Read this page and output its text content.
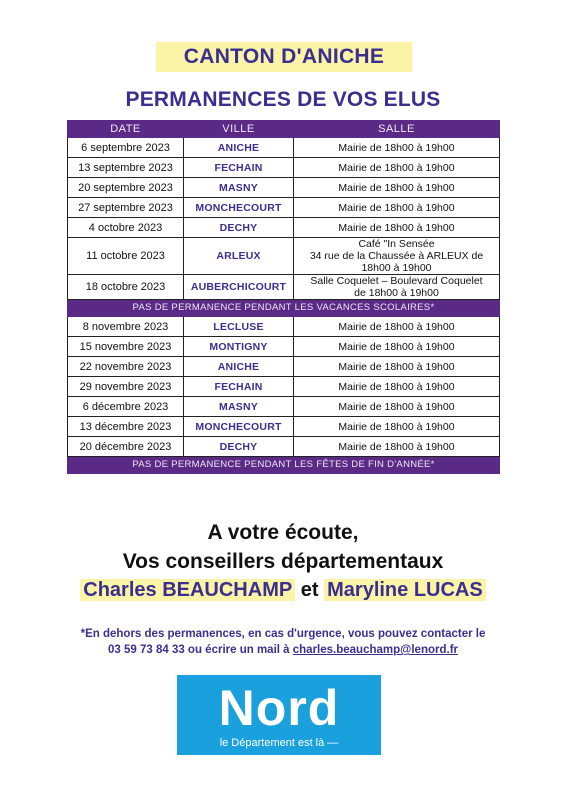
CANTON D'ANICHE
PERMANENCES DE VOS ELUS
DATE	VILLE	SALLE
6 septembre 2023	ANICHE	Mairie de 18h00 à 19h00
13 septembre 2023	FECHAIN	Mairie de 18h00 à 19h00
20 septembre 2023	MASNY	Mairie de 18h00 à 19h00
27 septembre 2023	MONCHECOURT	Mairie de 18h00 à 19h00
4 octobre 2023	DECHY	Mairie de 18h00 à 19h00
11 octobre 2023	ARLEUX	Café "In Sensée
34 rue de la Chaussée à ARLEUX de
18h00 à 19h00

18 octobre 2023	AUBERCHICOURT	Salle Coquelet – Boulevard Coquelet
de 18h00 à 19h00

PAS DE PERMANENCE PENDANT LES VACANCES SCOLAIRES*		
8 novembre 2023	LECLUSE	Mairie de 18h00 à 19h00
15 novembre 2023	MONTIGNY	Mairie de 18h00 à 19h00
22 novembre 2023	ANICHE	Mairie de 18h00 à 19h00
29 novembre 2023	FECHAIN	Mairie de 18h00 à 19h00
6 décembre 2023	MASNY	Mairie de 18h00 à 19h00
13 décembre 2023	MONCHECOURT	Mairie de 18h00 à 19h00
20 décembre 2023	DECHY	Mairie de 18h00 à 19h00
PAS DE PERMANENCE PENDANT LES FÊTES DE FIN D'ANNÉE*		
A votre écoute,
Vos conseillers départementaux
Charles BEAUCHAMP et Maryline LUCAS
*En dehors des permanences, en cas d'urgence, vous pouvez contacter le
03 59 73 84 33 ou écrire un mail à charles.beauchamp@lenord.fr
Nord
le Département est là —
